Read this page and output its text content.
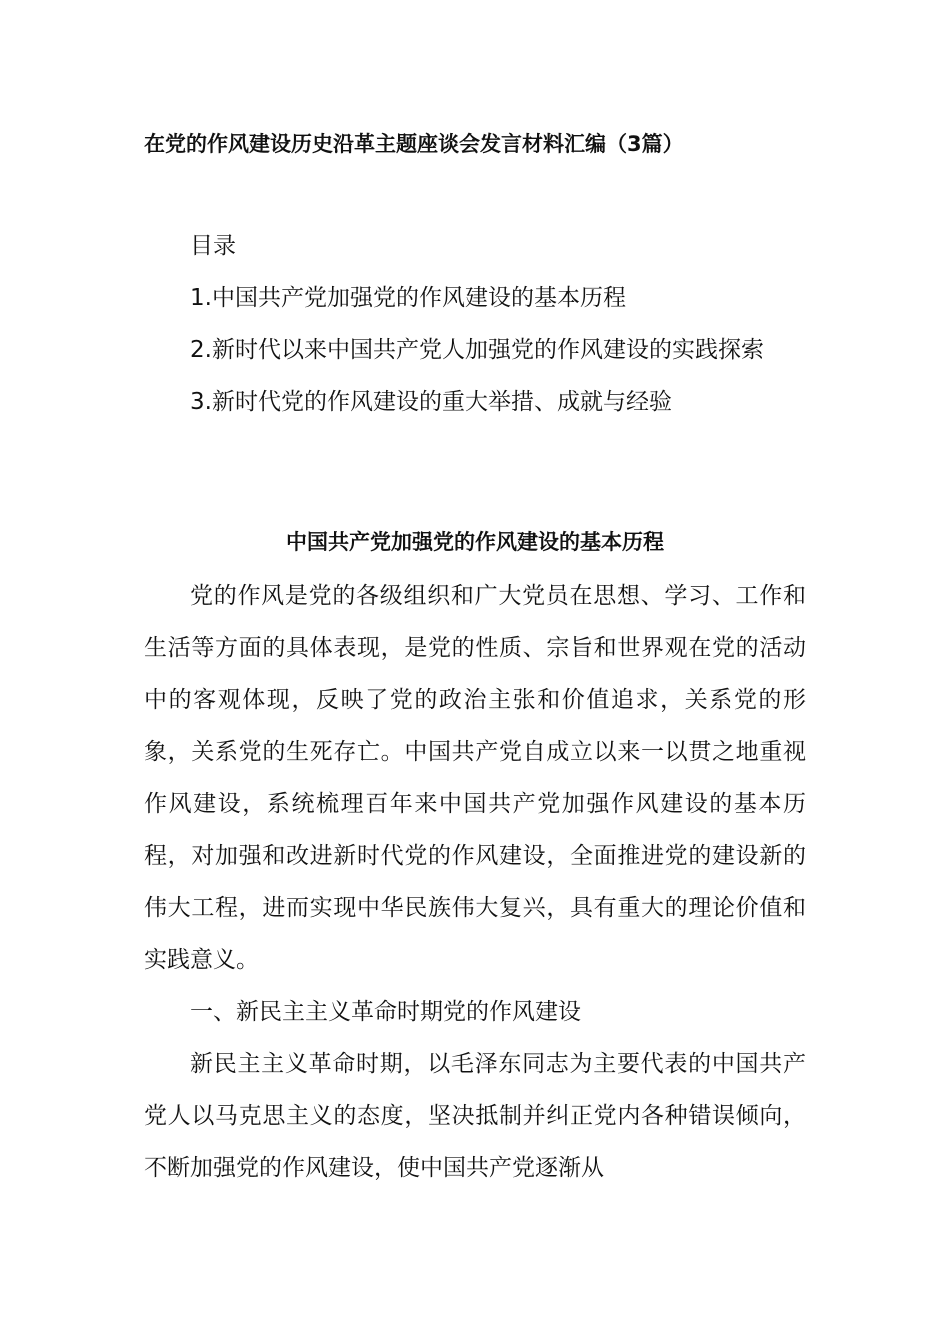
在党的作风建设历史沿革主题座谈会发言材料汇编（3篇）

目录

1.中国共产党加强党的作风建设的基本历程

2.新时代以来中国共产党人加强党的作风建设的实践探索

3.新时代党的作风建设的重大举措、成就与经验

中国共产党加强党的作风建设的基本历程

党的作风是党的各级组织和广大党员在思想、学习、工作和生活等方面的具体表现，是党的性质、宗旨和世界观在党的活动中的客观体现，反映了党的政治主张和价值追求，关系党的形象，关系党的生死存亡。中国共产党自成立以来一以贯之地重视作风建设，系统梳理百年来中国共产党加强作风建设的基本历程，对加强和改进新时代党的作风建设，全面推进党的建设新的伟大工程，进而实现中华民族伟大复兴，具有重大的理论价值和实践意义。

一、新民主主义革命时期党的作风建设

新民主主义革命时期，以毛泽东同志为主要代表的中国共产党人以马克思主义的态度，坚决抵制并纠正党内各种错误倾向，不断加强党的作风建设，使中国共产党逐渐从
